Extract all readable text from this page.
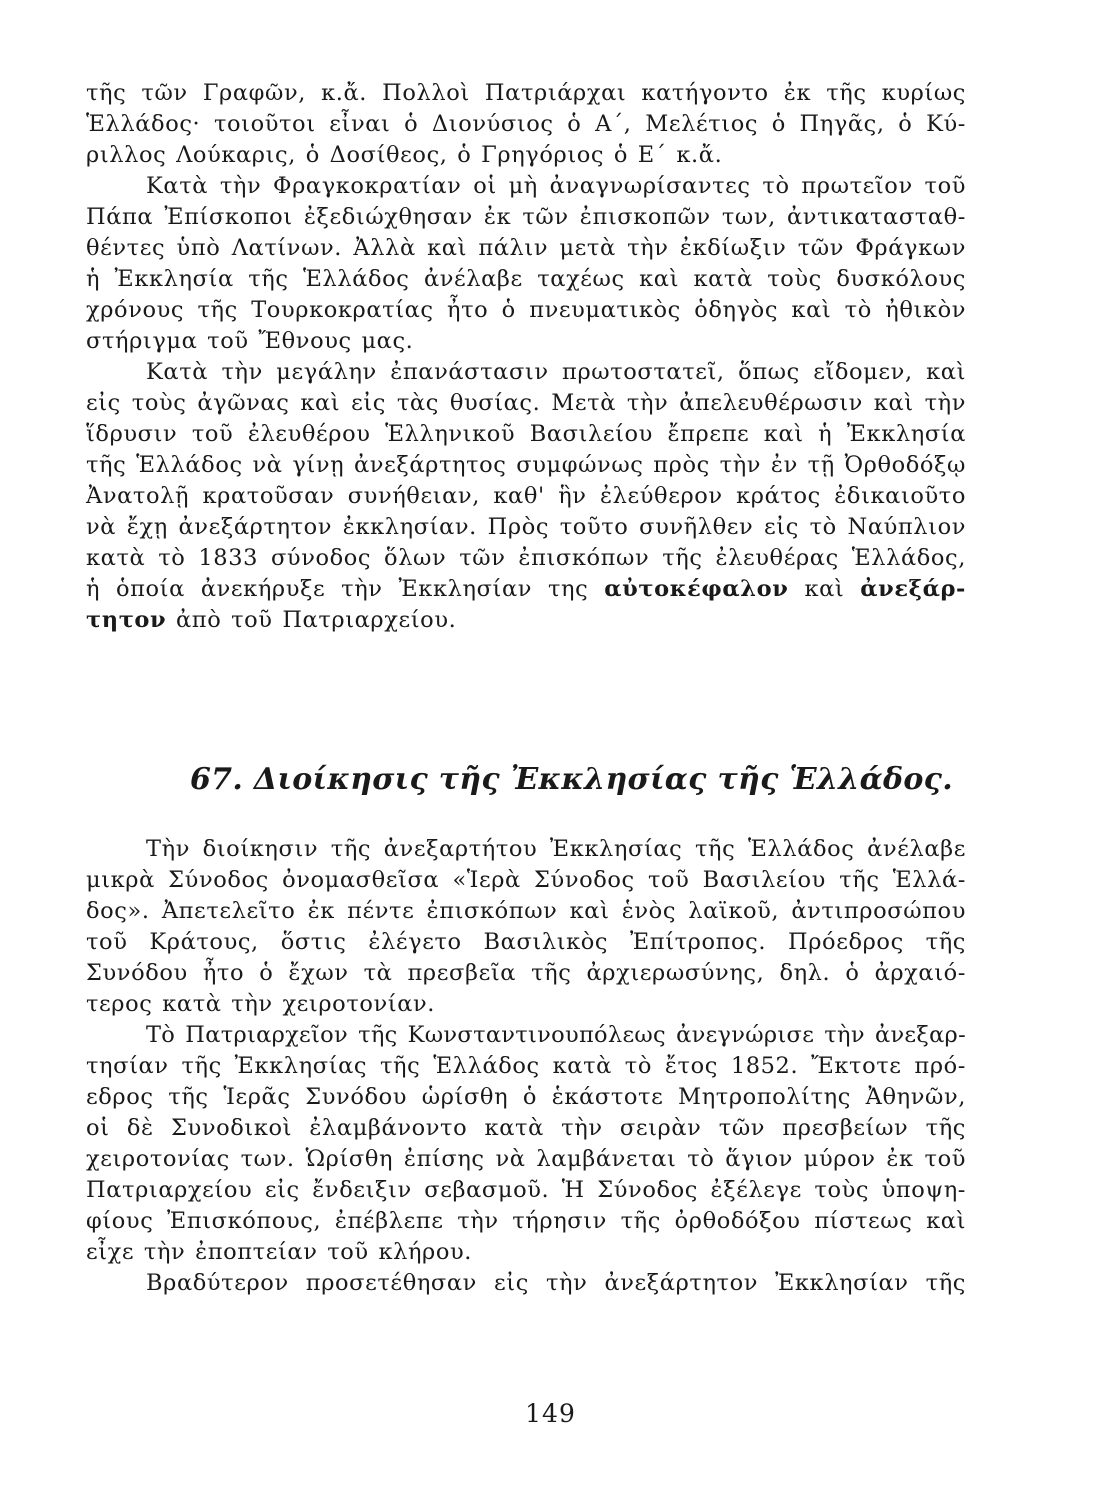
τῆς τῶν Γραφῶν, κ.ἄ. Πολλοὶ Πατριάρχαι κατήγοντο ἐκ τῆς κυρίως
Ἑλλάδος· τοιοῦτοι εἶναι ὁ Διονύσιος ὁ Α΄, Μελέτιος ὁ Πηγᾶς, ὁ Κύ-
ριλλος Λούκαρις, ὁ Δοσίθεος, ὁ Γρηγόριος ὁ Ε΄ κ.ἄ.
Κατὰ τὴν Φραγκοκρατίαν οἱ μὴ ἀναγνωρίσαντες τὸ πρωτεῖον τοῦ
Πάπα Ἐπίσκοποι ἐξεδιώχθησαν ἐκ τῶν ἐπισκοπῶν των, ἀντικατασταθ-
θέντες ὑπὸ Λατίνων. Ἀλλὰ καὶ πάλιν μετὰ τὴν ἐκδίωξιν τῶν Φράγκων
ἡ Ἐκκλησία τῆς Ἑλλάδος ἀνέλαβε ταχέως καὶ κατὰ τοὺς δυσκόλους
χρόνους τῆς Τουρκοκρατίας ἦτο ὁ πνευματικὸς ὁδηγὸς καὶ τὸ ἠθικὸν
στήριγμα τοῦ Ἔθνους μας.
Κατὰ τὴν μεγάλην ἐπανάστασιν πρωτοστατεῖ, ὅπως εἴδομεν, καὶ
εἰς τοὺς ἀγῶνας καὶ εἰς τὰς θυσίας. Μετὰ τὴν ἀπελευθέρωσιν καὶ τὴν
ἵδρυσιν τοῦ ἐλευθέρου Ἑλληνικοῦ Βασιλείου ἔπρεπε καὶ ἡ Ἐκκλησία
τῆς Ἑλλάδος νὰ γίνῃ ἀνεξάρτητος συμφώνως πρὸς τὴν ἐν τῇ Ὀρθοδόξῳ
Ἀνατολῇ κρατοῦσαν συνήθειαν, καθ' ἣν ἐλεύθερον κράτος ἐδικαιοῦτο
νὰ ἔχῃ ἀνεξάρτητον ἐκκλησίαν. Πρὸς τοῦτο συνῆλθεν εἰς τὸ Ναύπλιον
κατὰ τὸ 1833 σύνοδος ὅλων τῶν ἐπισκόπων τῆς ἐλευθέρας Ἑλλάδος,
ἡ ὁποία ἀνεκήρυξε τὴν Ἐκκλησίαν της αὐτοκέφαλον καὶ ἀνεξάρ-
τητον ἀπὸ τοῦ Πατριαρχείου.
67. Διοίκησις τῆς Ἐκκλησίας τῆς Ἑλλάδος.
Τὴν διοίκησιν τῆς ἀνεξαρτήτου Ἐκκλησίας τῆς Ἑλλάδος ἀνέλαβε
μικρὰ Σύνοδος ὀνομασθεῖσα «Ἱερὰ Σύνοδος τοῦ Βασιλείου τῆς Ἑλλά-
δος». Ἀπετελεῖτο ἐκ πέντε ἐπισκόπων καὶ ἑνὸς λαϊκοῦ, ἀντιπροσώπου
τοῦ Κράτους, ὅστις ἐλέγετο Βασιλικὸς Ἐπίτροπος. Πρόεδρος τῆς
Συνόδου ἦτο ὁ ἔχων τὰ πρεσβεῖα τῆς ἀρχιερωσύνης, δηλ. ὁ ἀρχαιό-
τερος κατὰ τὴν χειροτονίαν.
Τὸ Πατριαρχεῖον τῆς Κωνσταντινουπόλεως ἀνεγνώρισε τὴν ἀνεξαρ-
τησίαν τῆς Ἐκκλησίας τῆς Ἑλλάδος κατὰ τὸ ἔτος 1852. Ἔκτοτε πρό-
εδρος τῆς Ἱερᾶς Συνόδου ὡρίσθη ὁ ἑκάστοτε Μητροπολίτης Ἀθηνῶν,
οἱ δὲ Συνοδικοὶ ἐλαμβάνοντο κατὰ τὴν σειρὰν τῶν πρεσβείων τῆς
χειροτονίας των. Ὡρίσθη ἐπίσης νὰ λαμβάνεται τὸ ἅγιον μύρον ἐκ τοῦ
Πατριαρχείου εἰς ἔνδειξιν σεβασμοῦ. Ἡ Σύνοδος ἐξέλεγε τοὺς ὑποψη-
φίους Ἐπισκόπους, ἐπέβλεπε τὴν τήρησιν τῆς ὀρθοδόξου πίστεως καὶ
εἶχε τὴν ἐποπτείαν τοῦ κλήρου.
Βραδύτερον προσετέθησαν εἰς τὴν ἀνεξάρτητον Ἐκκλησίαν τῆς
149
